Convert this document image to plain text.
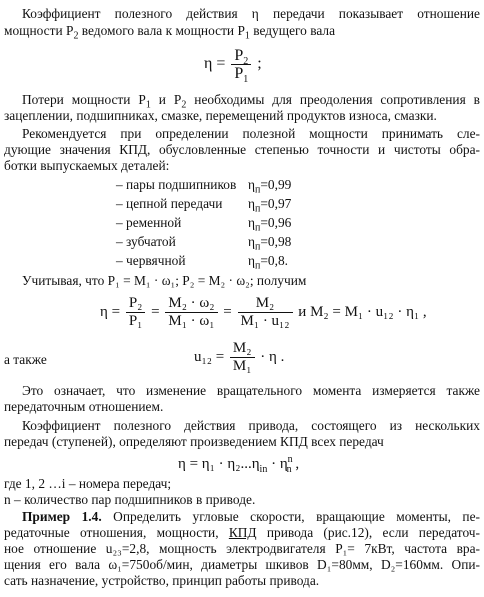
Коэффициент полезного действия η передачи показывает отношение
мощности $P_2$ ведомого вала к мощности $P_1$ ведущего вала
$\eta = \frac{P_2}{P_1}$ ;
Потери мощности $P_1$ и $P_2$ необходимы для преодоления сопротивления в
зацеплении, подшипниках, смазке, перемещений продуктов износа, смазки.
Рекомендуется при определении полезной мощности принимать сле-
дующие значения КПД, обусловленные степенью точности и чистоты обра-
ботки выпускаемых деталей:
– пары подшипников $\eta_п=0,99$
– цепной передачи $\eta_п=0,97$
– ременной	$\eta_п=0,96$
– зубчатой	$\eta_п=0,98$
– червячной	$\eta_п=0,8$.
Учитывая, что P₁ = M₁ · ω₁; P₂ = M₂ · ω₂; получим
$\eta = \frac{\text{P₂}}{\text{P₁}} = \frac{\text{M₂ · ω₂}}{\text{M₁ · ω₁}} = \frac{\text{M₂}}{\text{M₁ · u₁₂}}$ и M₂ = M₁ · u₁₂ · η₁ ,
а также	$u_{12} = \frac{\text{M₂}}{\text{M₁}} \cdot \eta$ .
Это означает, что изменение вращательного момента измеряется также
передаточным отношением.
Коэффициент полезного действия привода, состоящего из нескольких
передач (ступеней), определяют произведением КПД всех передач
$\eta = \eta_1 \cdot \eta_2...\eta_{in} \cdot \eta^n_n$ ,
где 1, 2 …i – номера передач;
n – количество пар подшипников в приводе.
Пример 1.4. Определить угловые скорости, вращающие моменты, пе-
редаточные отношения, мощности, КПД привода (рис.12), если передаточ-
ное отношение u₂₃=2,8, мощность электродвигателя P₁= 7кВт, частота вра-
щения его вала ω₁=750об/мин, диаметры шкивов D₁=80мм, D₂=160мм. Опи-
сать назначение, устройство, принцип работы привода.
